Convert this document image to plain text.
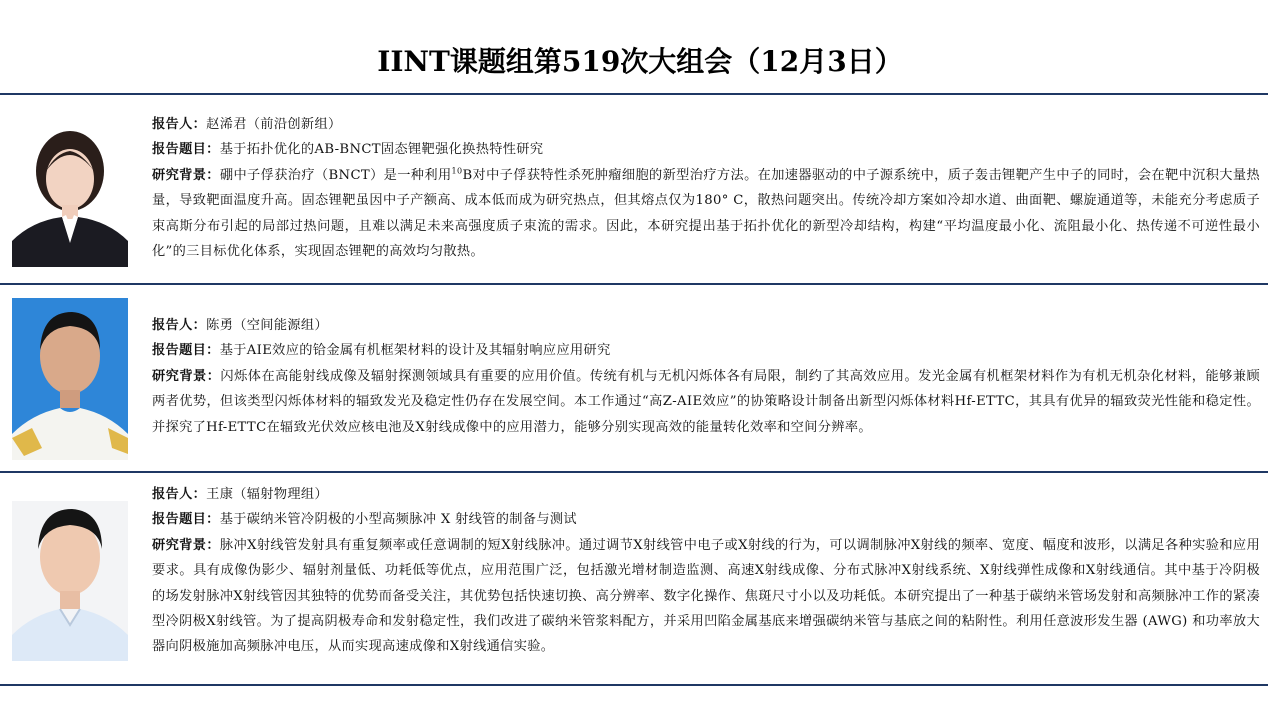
IINT课题组第519次大组会（12月3日）

报告人：赵浠君（前沿创新组）

报告题目：基于拓扑优化的AB-BNCT固态锂靶强化换热特性研究

研究背景：硼中子俘获治疗（BNCT）是一种利用$^{10}$B对中子俘获特性杀死肿瘤细胞的新型治疗方法。在加速器驱动的中子源系统中，质子轰击锂靶产生中子的同时，会在靶中沉积大量热量，导致靶面温度升高。固态锂靶虽因中子产额高、成本低而成为研究热点，但其熔点仅为180° C，散热问题突出。传统冷却方案如冷却水道、曲面靶、螺旋通道等，未能充分考虑质子束高斯分布引起的局部过热问题，且难以满足未来高强度质子束流的需求。因此，本研究提出基于拓扑优化的新型冷却结构，构建“平均温度最小化、流阻最小化、热传递不可逆性最小化”的三目标优化体系，实现固态锂靶的高效均匀散热。

报告人：陈勇（空间能源组）

报告题目：基于AIE效应的铪金属有机框架材料的设计及其辐射响应应用研究

研究背景：闪烁体在高能射线成像及辐射探测领域具有重要的应用价值。传统有机与无机闪烁体各有局限，制约了其高效应用。发光金属有机框架材料作为有机无机杂化材料，能够兼顾两者优势，但该类型闪烁体材料的辐致发光及稳定性仍存在发展空间。本工作通过“高Z-AIE效应”的协策略设计制备出新型闪烁体材料Hf-ETTC，其具有优异的辐致荧光性能和稳定性。并探究了Hf-ETTC在辐致光伏效应核电池及X射线成像中的应用潜力，能够分别实现高效的能量转化效率和空间分辨率。

报告人：王康（辐射物理组）

报告题目：基于碳纳米管冷阴极的小型高频脉冲 X 射线管的制备与测试

研究背景：脉冲X射线管发射具有重复频率或任意调制的短X射线脉冲。通过调节X射线管中电子或X射线的行为，可以调制脉冲X射线的频率、宽度、幅度和波形，以满足各种实验和应用要求。具有成像伪影少、辐射剂量低、功耗低等优点，应用范围广泛，包括激光增材制造监测、高速X射线成像、分布式脉冲X射线系统、X射线弹性成像和X射线通信。其中基于冷阴极的场发射脉冲X射线管因其独特的优势而备受关注，其优势包括快速切换、高分辨率、数字化操作、焦斑尺寸小以及功耗低。本研究提出了一种基于碳纳米管场发射和高频脉冲工作的紧凑型冷阴极X射线管。为了提高阴极寿命和发射稳定性，我们改进了碳纳米管浆料配方，并采用凹陷金属基底来增强碳纳米管与基底之间的粘附性。利用任意波形发生器 (AWG) 和功率放大器向阴极施加高频脉冲电压，从而实现高速成像和X射线通信实验。
